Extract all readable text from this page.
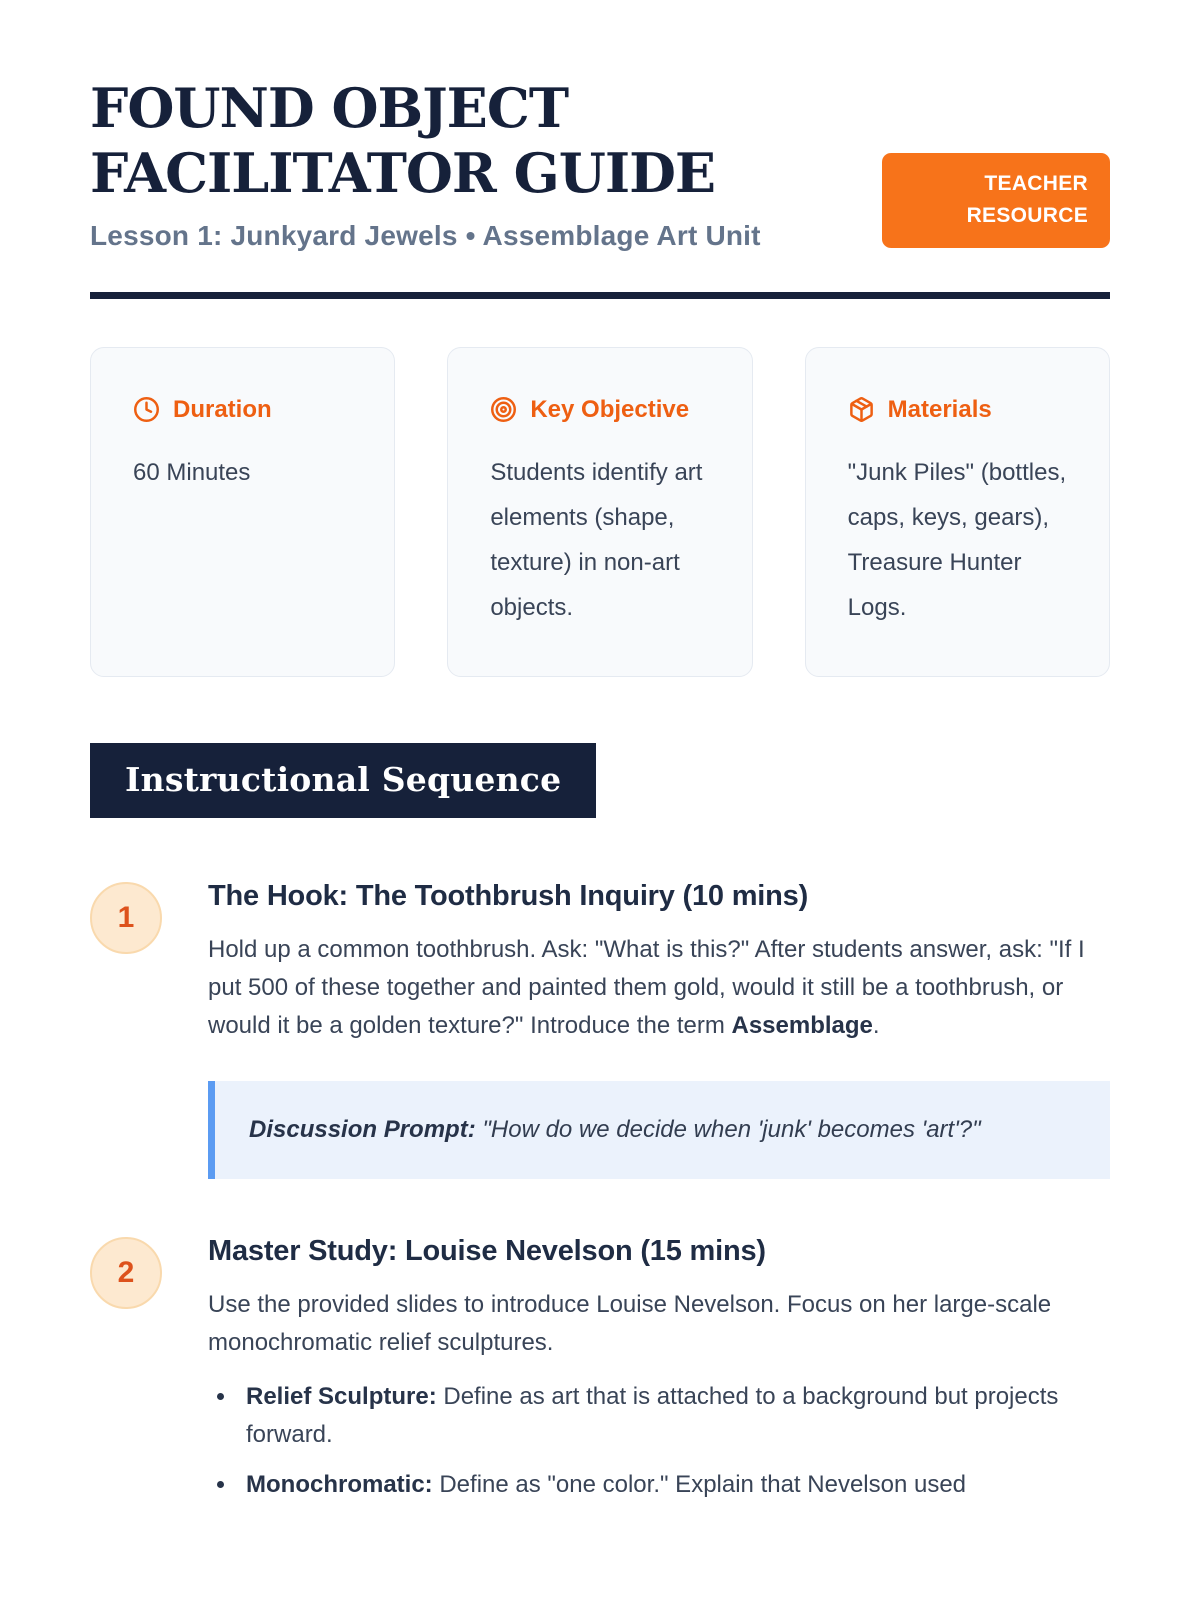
FOUND OBJECT FACILITATOR GUIDE

Lesson 1: Junkyard Jewels • Assemblage Art Unit

TEACHER RESOURCE
Duration

60 Minutes

Key Objective

Students identify art elements (shape, texture) in non-art objects.

Materials

"Junk Piles" (bottles, caps, keys, gears), Treasure Hunter Logs.

Instructional Sequence
1
The Hook: The Toothbrush Inquiry (10 mins)

Hold up a common toothbrush. Ask: "What is this?" After students answer, ask: "If I put 500 of these together and painted them gold, would it still be a toothbrush, or would it be a golden texture?" Introduce the term Assemblage.

Discussion Prompt: "How do we decide when 'junk' becomes 'art'?"
2
Master Study: Louise Nevelson (15 mins)

Use the provided slides to introduce Louise Nevelson. Focus on her large-scale monochromatic relief sculptures.

• Relief Sculpture: Define as art that is attached to a background but projects forward.
• Monochromatic: Define as "one color." Explain that Nevelson used
